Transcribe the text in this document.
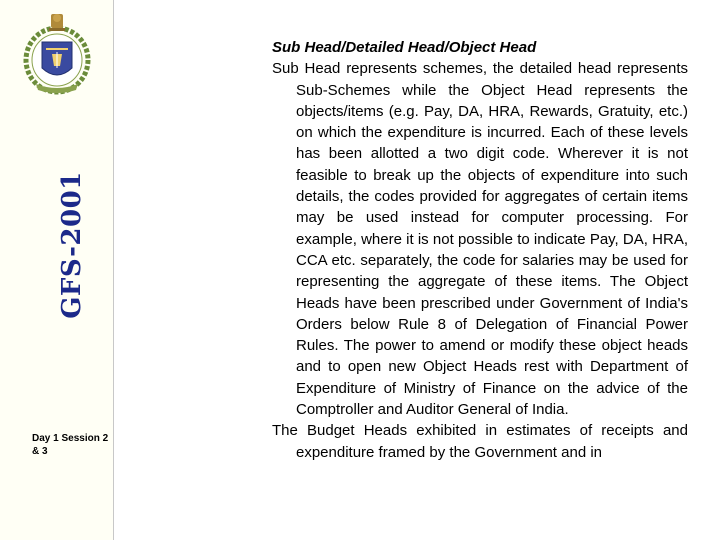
GFS-2001
Day 1 Session 2 & 3

Sub Head/Detailed Head/Object Head

Sub Head represents schemes, the detailed head represents Sub-Schemes while the Object Head represents the objects/items (e.g. Pay, DA, HRA, Rewards, Gratuity, etc.) on which the expenditure is incurred. Each of these levels has been allotted a two digit code. Wherever it is not feasible to break up the objects of expenditure into such details, the codes provided for aggregates of certain items may be used instead for computer processing. For example, where it is not possible to indicate Pay, DA, HRA, CCA etc. separately, the code for salaries may be used for representing the aggregate of these items. The Object Heads have been prescribed under Government of India's Orders below Rule 8 of Delegation of Financial Power Rules. The power to amend or modify these object heads and to open new Object Heads rest with Department of Expenditure of Ministry of Finance on the advice of the Comptroller and Auditor General of India.

The Budget Heads exhibited in estimates of receipts and expenditure framed by the Government and in
